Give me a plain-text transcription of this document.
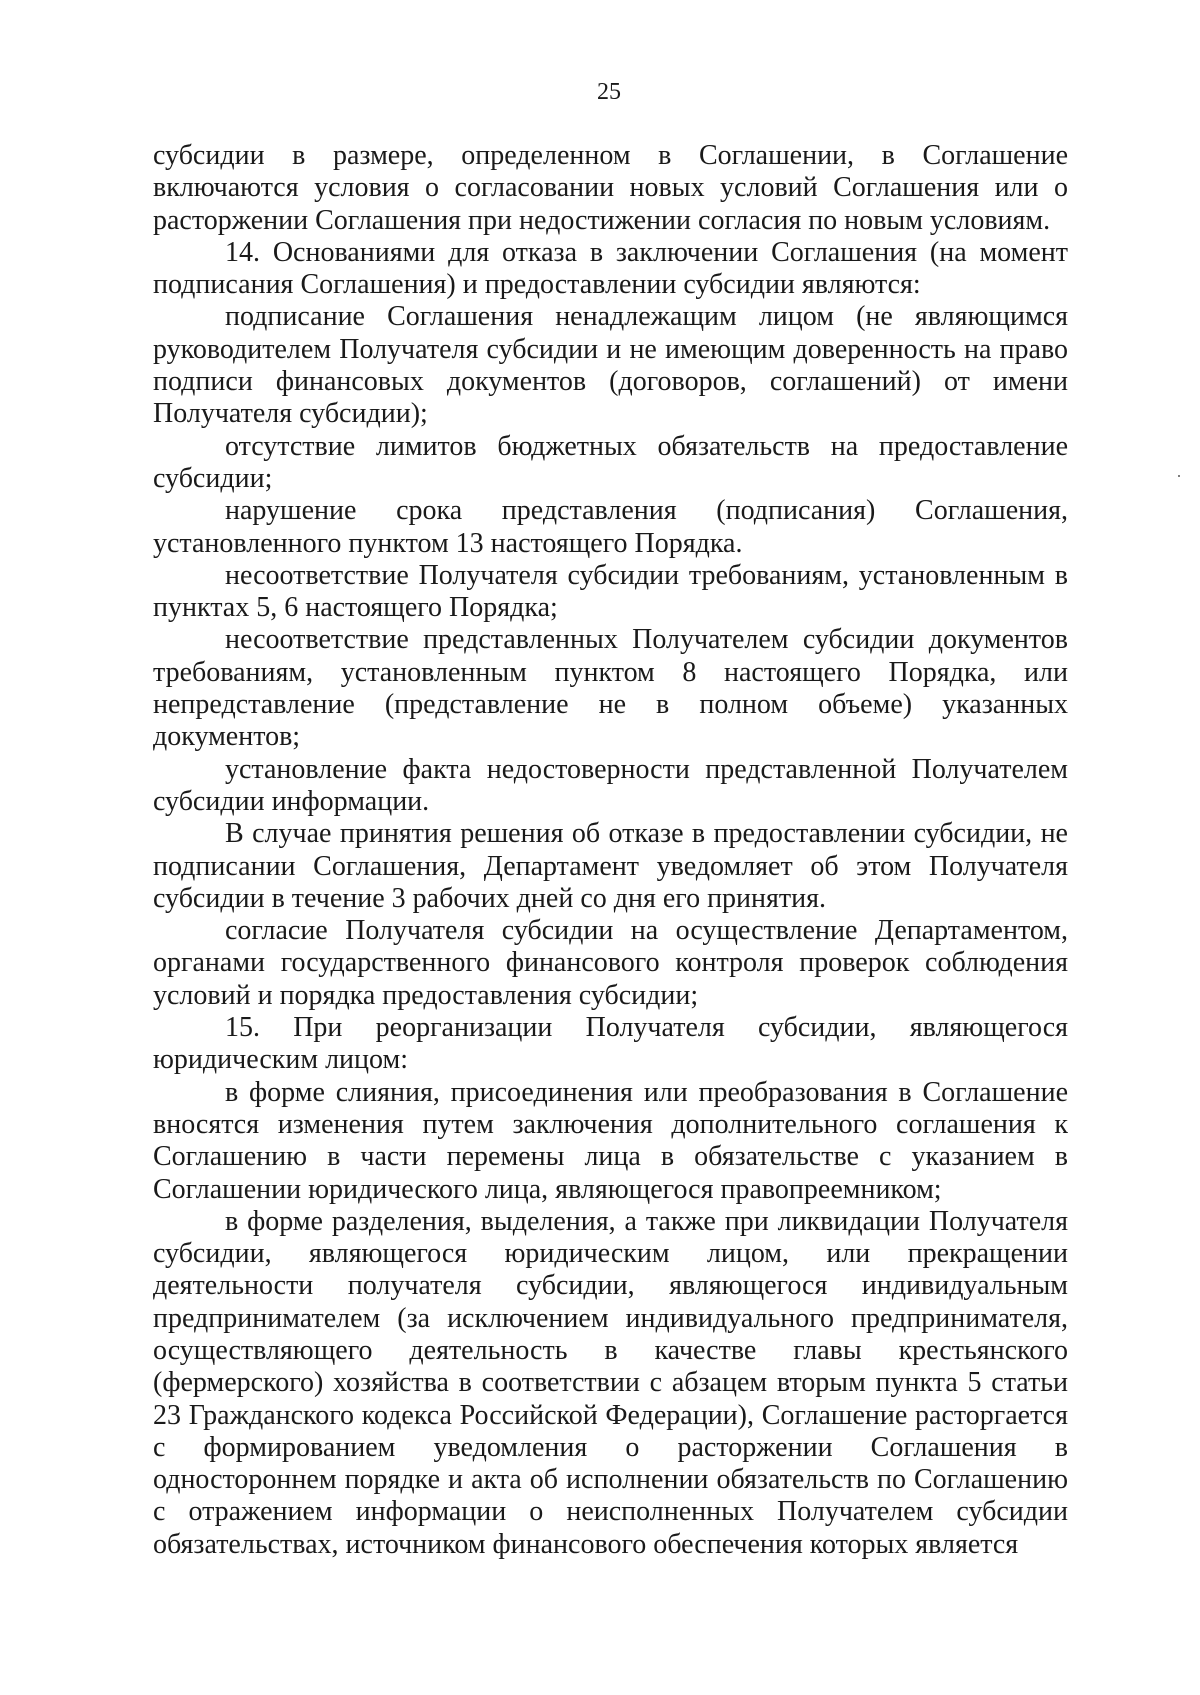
25

субсидии в размере, определенном в Соглашении, в Соглашение включаются условия о согласовании новых условий Соглашения или о расторжении Соглашения при недостижении согласия по новым условиям.

14. Основаниями для отказа в заключении Соглашения (на момент подписания Соглашения) и предоставлении субсидии являются:

подписание Соглашения ненадлежащим лицом (не являющимся руководителем Получателя субсидии и не имеющим доверенность на право подписи финансовых документов (договоров, соглашений) от имени Получателя субсидии);

отсутствие лимитов бюджетных обязательств на предоставление субсидии;

нарушение срока представления (подписания) Соглашения, установленного пунктом 13 настоящего Порядка.

несоответствие Получателя субсидии требованиям, установленным в пунктах 5, 6 настоящего Порядка;

несоответствие представленных Получателем субсидии документов требованиям, установленным пунктом 8 настоящего Порядка, или непредставление (представление не в полном объеме) указанных документов;

установление факта недостоверности представленной Получателем субсидии информации.

В случае принятия решения об отказе в предоставлении субсидии, не подписании Соглашения, Департамент уведомляет об этом Получателя субсидии в течение 3 рабочих дней со дня его принятия.

согласие Получателя субсидии на осуществление Департаментом, органами государственного финансового контроля проверок соблюдения условий и порядка предоставления субсидии;

15. При реорганизации Получателя субсидии, являющегося юридическим лицом:

в форме слияния, присоединения или преобразования в Соглашение вносятся изменения путем заключения дополнительного соглашения к Соглашению в части перемены лица в обязательстве с указанием в Соглашении юридического лица, являющегося правопреемником;

в форме разделения, выделения, а также при ликвидации Получателя субсидии, являющегося юридическим лицом, или прекращении деятельности получателя субсидии, являющегося индивидуальным предпринимателем (за исключением индивидуального предпринимателя, осуществляющего деятельность в качестве главы крестьянского (фермерского) хозяйства в соответствии с абзацем вторым пункта 5 статьи 23 Гражданского кодекса Российской Федерации), Соглашение расторгается с формированием уведомления о расторжении Соглашения в одностороннем порядке и акта об исполнении обязательств по Соглашению с отражением информации о неисполненных Получателем субсидии обязательствах, источником финансового обеспечения которых является
